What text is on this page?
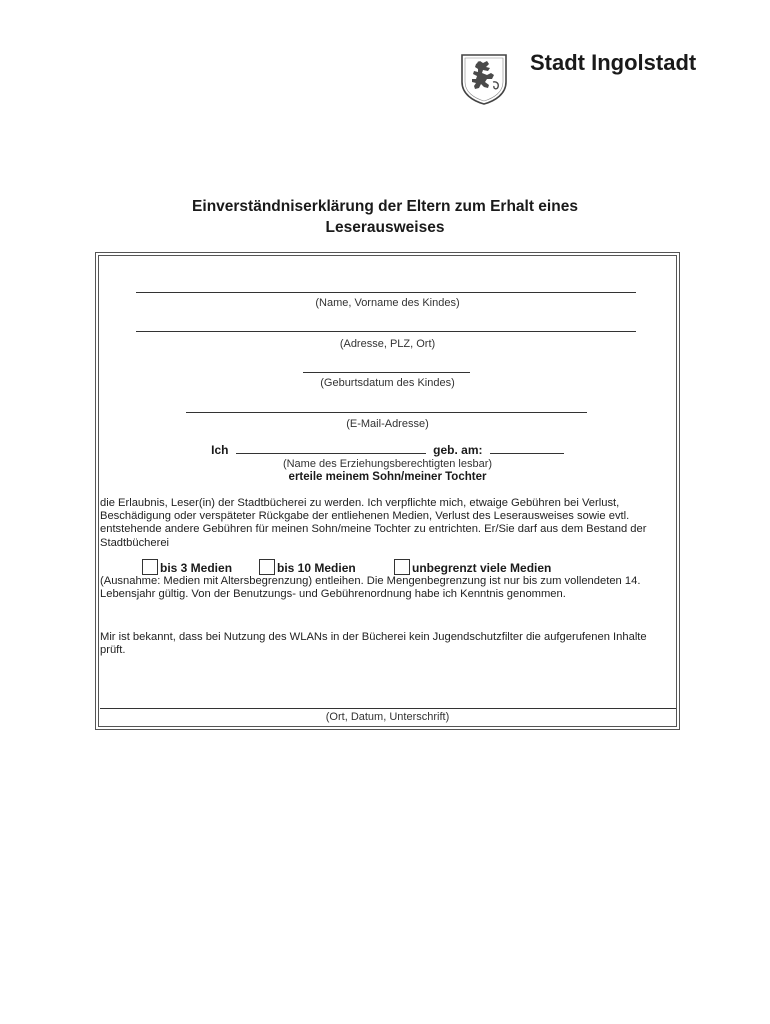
Stadt Ingolstadt
Einverständniserklärung der Eltern zum Erhalt eines
Leserausweises
(Name, Vorname des Kindes)
(Adresse, PLZ, Ort)
(Geburtsdatum des Kindes)
(E-Mail-Adresse)
Ich	geb. am:
(Name des Erziehungsberechtigten lesbar)
erteile meinem Sohn/meiner Tochter
die Erlaubnis, Leser(in) der Stadtbücherei zu werden. Ich verpflichte mich, etwaige Gebühren bei Verlust, Beschädigung oder verspäteter Rückgabe der entliehenen Medien, Verlust des Leserausweises sowie evtl. entstehende andere Gebühren für meinen Sohn/meine Tochter zu entrichten. Er/Sie darf aus dem Bestand der Stadtbücherei
bis 3 Medien	bis 10 Medien	unbegrenzt viele Medien
(Ausnahme: Medien mit Altersbegrenzung) entleihen. Die Mengenbegrenzung ist nur bis zum vollendeten 14. Lebensjahr gültig. Von der Benutzungs- und Gebührenordnung habe ich Kenntnis genommen.
Mir ist bekannt, dass bei Nutzung des WLANs in der Bücherei kein Jugendschutzfilter die aufgerufenen Inhalte prüft.
(Ort, Datum, Unterschrift)
